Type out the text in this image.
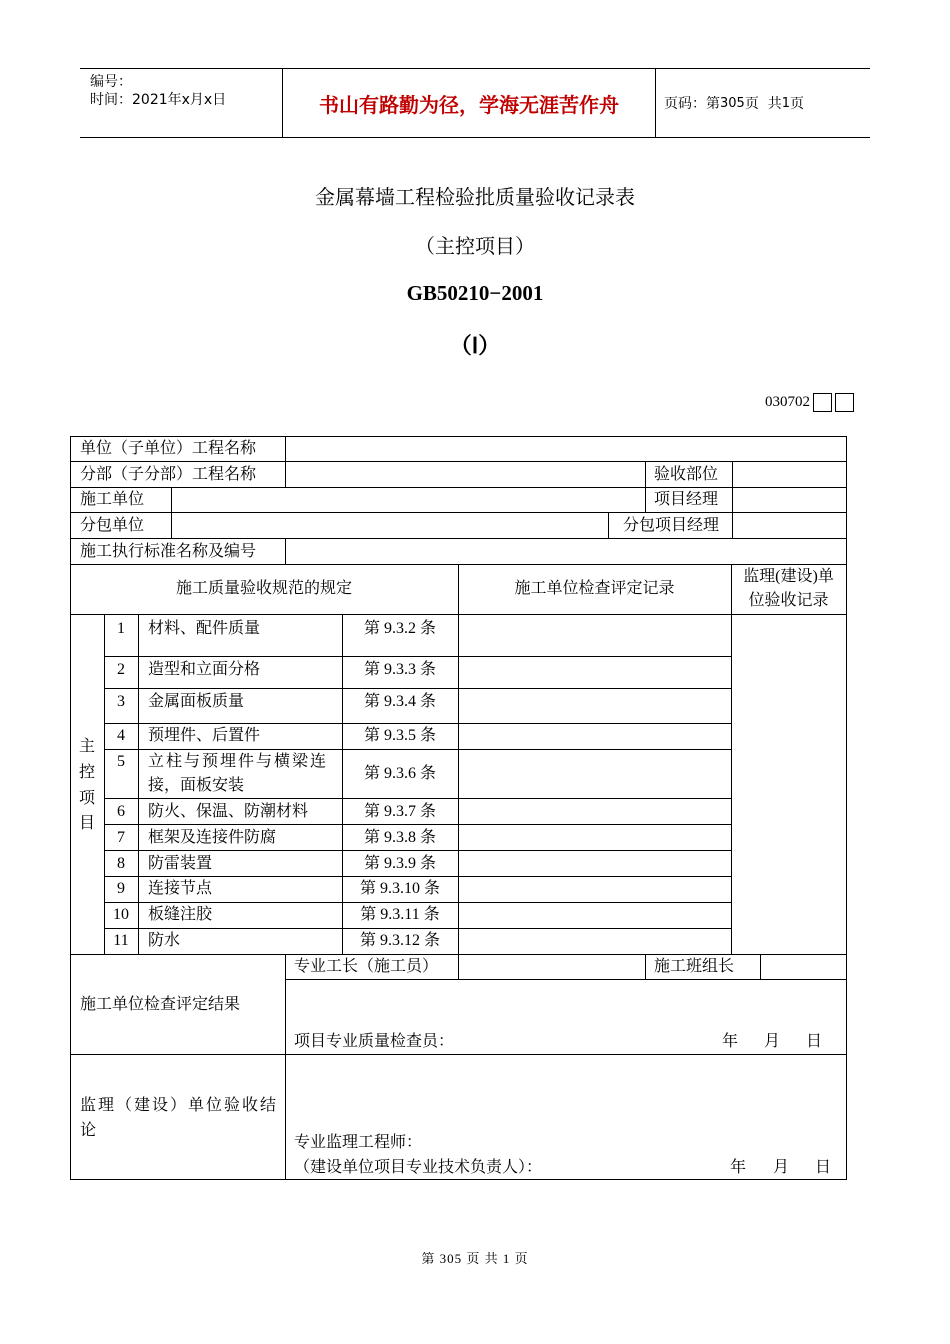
编号：
时间：2021年x月x日	书山有路勤为径，学海无涯苦作舟	页码：第 305 页  共 1 页
金属幕墙工程检验批质量验收记录表
（主控项目）
GB50210−2001
（Ⅰ）
030702
单位（子单位）工程名称
分部（子分部）工程名称	验收部位
施工单位	项目经理
分包单位	分包项目经理
施工执行标准名称及编号
施工质量验收规范的规定	施工单位检查评定记录
监理(建设)单
位验收记录
主
控
项
目
1	材料、配件质量	第 9.3.2 条
2	造型和立面分格	第 9.3.3 条
3	金属面板质量	第 9.3.4 条
4	预埋件、后置件	第 9.3.5 条
5	立柱与预埋件与横梁连
接，面板安装
第 9.3.6 条
6	防火、保温、防潮材料	第 9.3.7 条
7	框架及连接件防腐	第 9.3.8 条
8	防雷装置	第 9.3.9 条
9	连接节点	第 9.3.10 条
10	板缝注胶	第 9.3.11 条
11	防水	第 9.3.12 条
专业工长（施工员）	施工班组长
施工单位检查评定结果
项目专业质量检查员：	年 月 日
监理（建设）单位验收结
论
专业监理工程师：
（建设单位项目专业技术负责人）：	年 月 日
第 305 页 共 1 页
